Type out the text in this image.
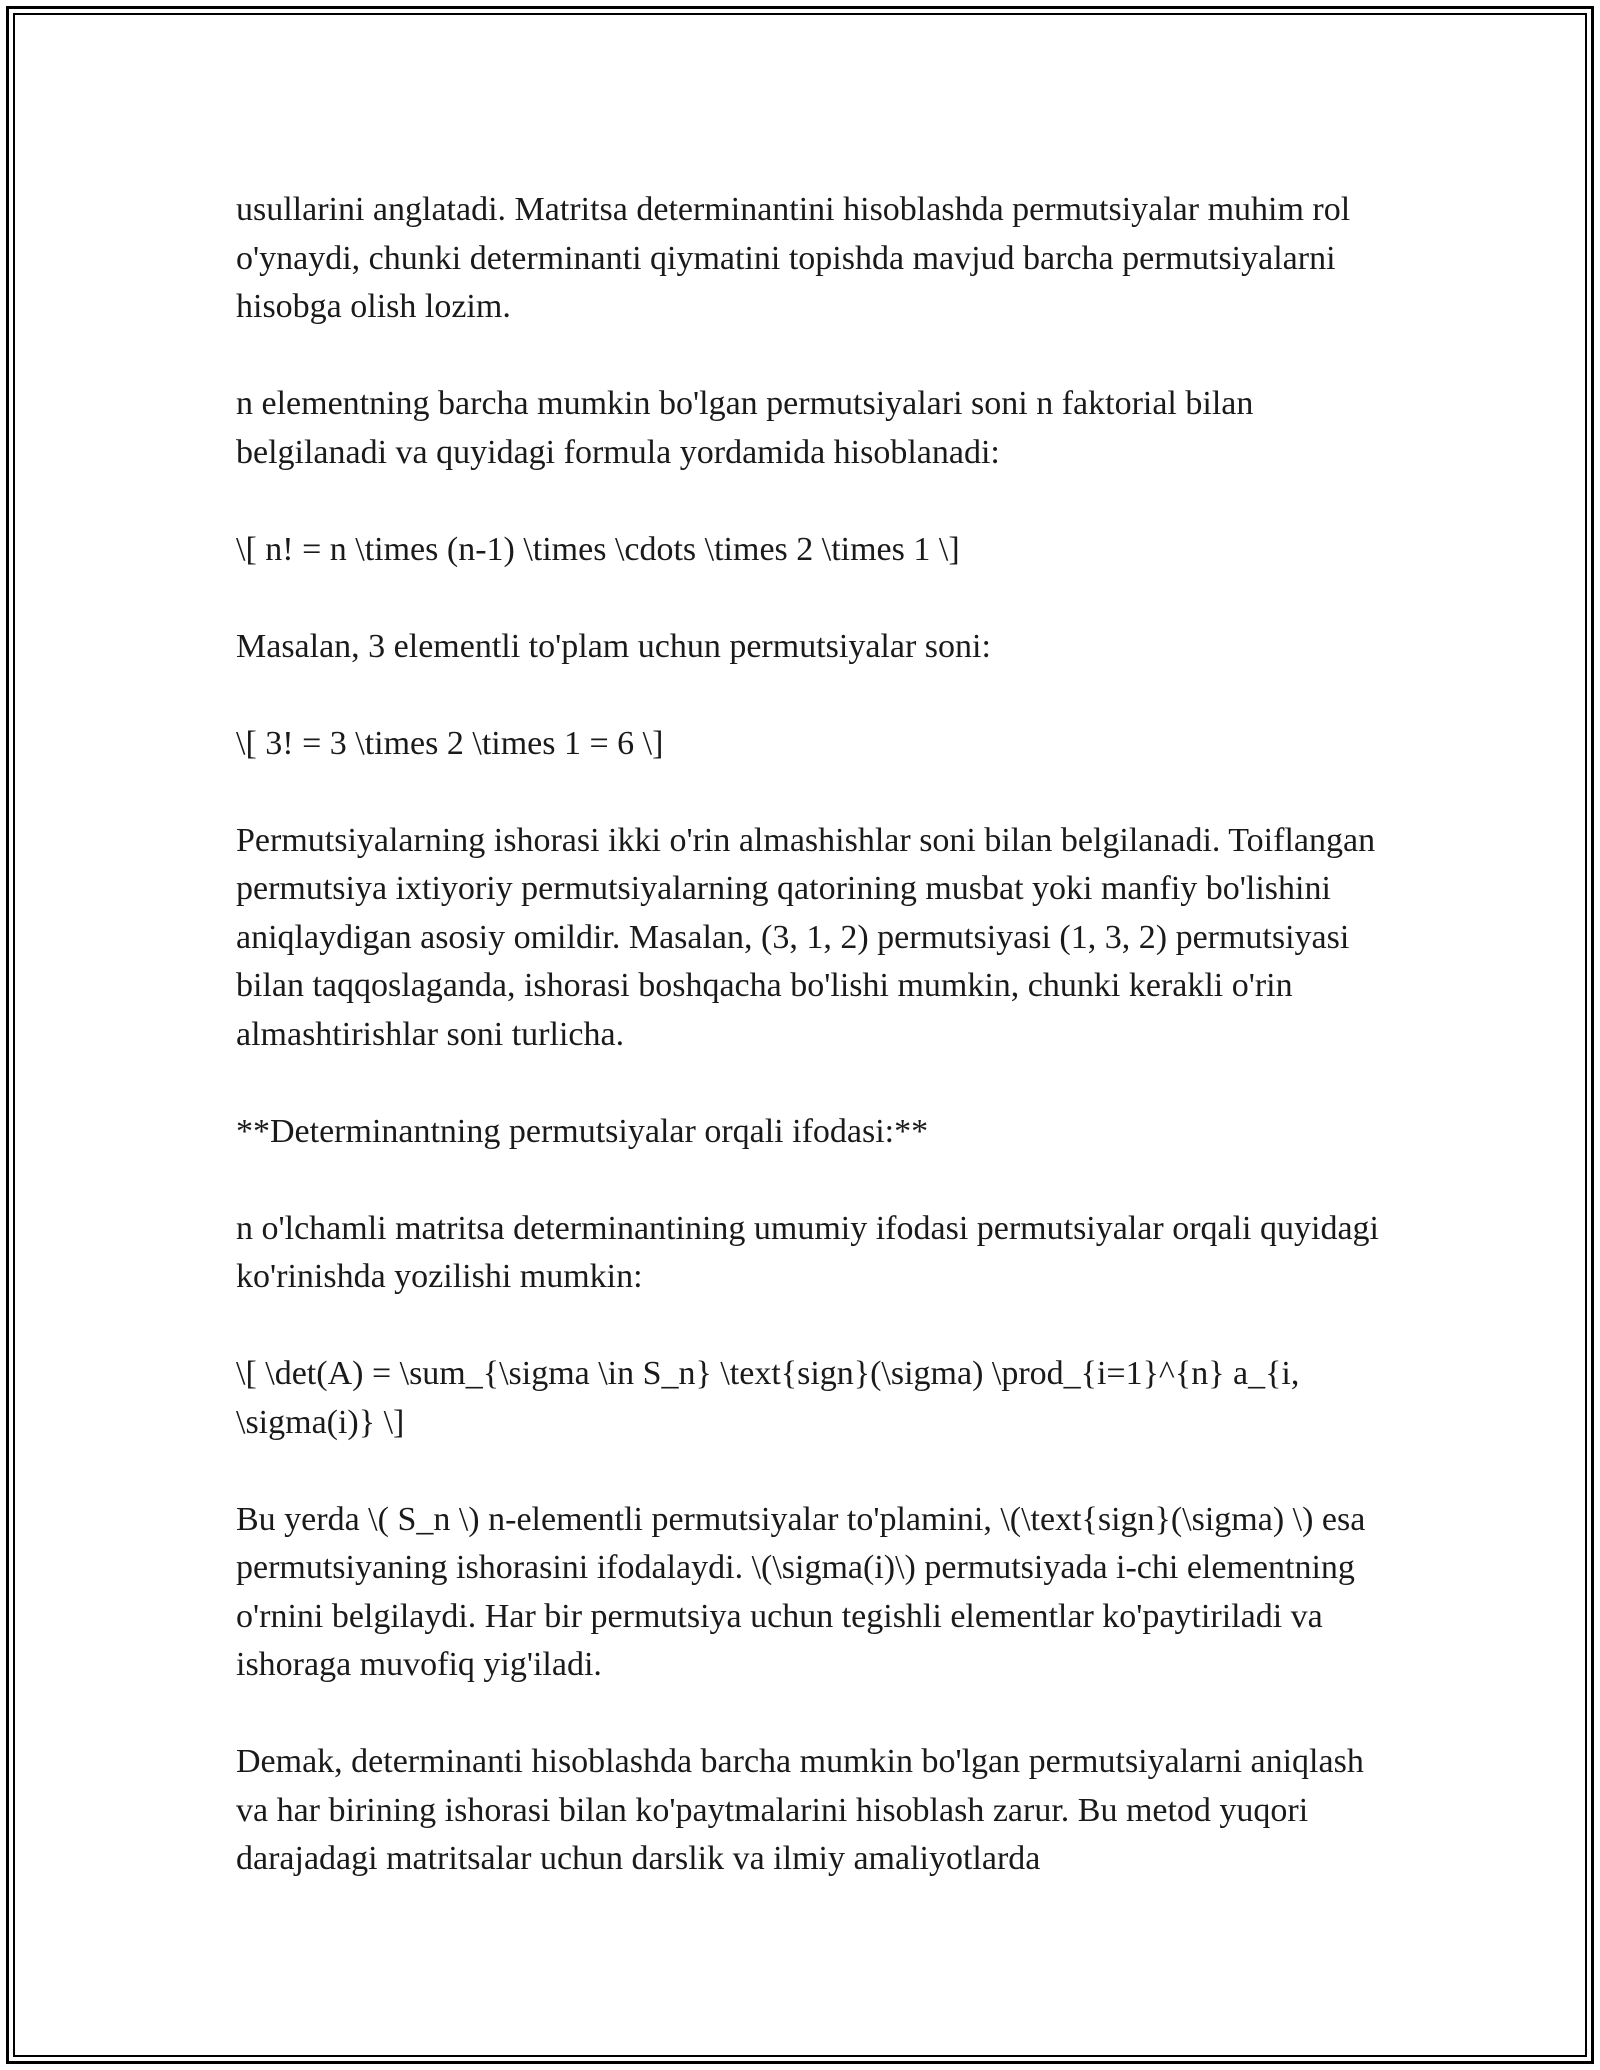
usullarini anglatadi. Matritsa determinantini hisoblashda permutsiyalar muhim rol o'ynaydi, chunki determinanti qiymatini topishda mavjud barcha permutsiyalarni hisobga olish lozim.

n elementning barcha mumkin bo'lgan permutsiyalari soni n faktorial bilan belgilanadi va quyidagi formula yordamida hisoblanadi:

\[ n! = n \times (n-1) \times \cdots \times 2 \times 1 \]

Masalan, 3 elementli to'plam uchun permutsiyalar soni:

\[ 3! = 3 \times 2 \times 1 = 6 \]

Permutsiyalarning ishorasi ikki o'rin almashishlar soni bilan belgilanadi. Toiflangan permutsiya ixtiyoriy permutsiyalarning qatorining musbat yoki manfiy bo'lishini aniqlaydigan asosiy omildir. Masalan, (3, 1, 2) permutsiyasi (1, 3, 2) permutsiyasi bilan taqqoslaganda, ishorasi boshqacha bo'lishi mumkin, chunki kerakli o'rin almashtirishlar soni turlicha.

**Determinantning permutsiyalar orqali ifodasi:**

n o'lchamli matritsa determinantining umumiy ifodasi permutsiyalar orqali quyidagi ko'rinishda yozilishi mumkin:

\[ \det(A) = \sum_{\sigma \in S_n} \text{sign}(\sigma) \prod_{i=1}^{n} a_{i, \sigma(i)} \]

Bu yerda \( S_n \) n-elementli permutsiyalar to'plamini, \(\text{sign}(\sigma) \) esa permutsiyaning ishorasini ifodalaydi. \(\sigma(i)\) permutsiyada i-chi elementning o'rnini belgilaydi. Har bir permutsiya uchun tegishli elementlar ko'paytiriladi va ishoraga muvofiq yig'iladi.

Demak, determinanti hisoblashda barcha mumkin bo'lgan permutsiyalarni aniqlash va har birining ishorasi bilan ko'paytmalarini hisoblash zarur. Bu metod yuqori darajadagi matritsalar uchun darslik va ilmiy amaliyotlarda
